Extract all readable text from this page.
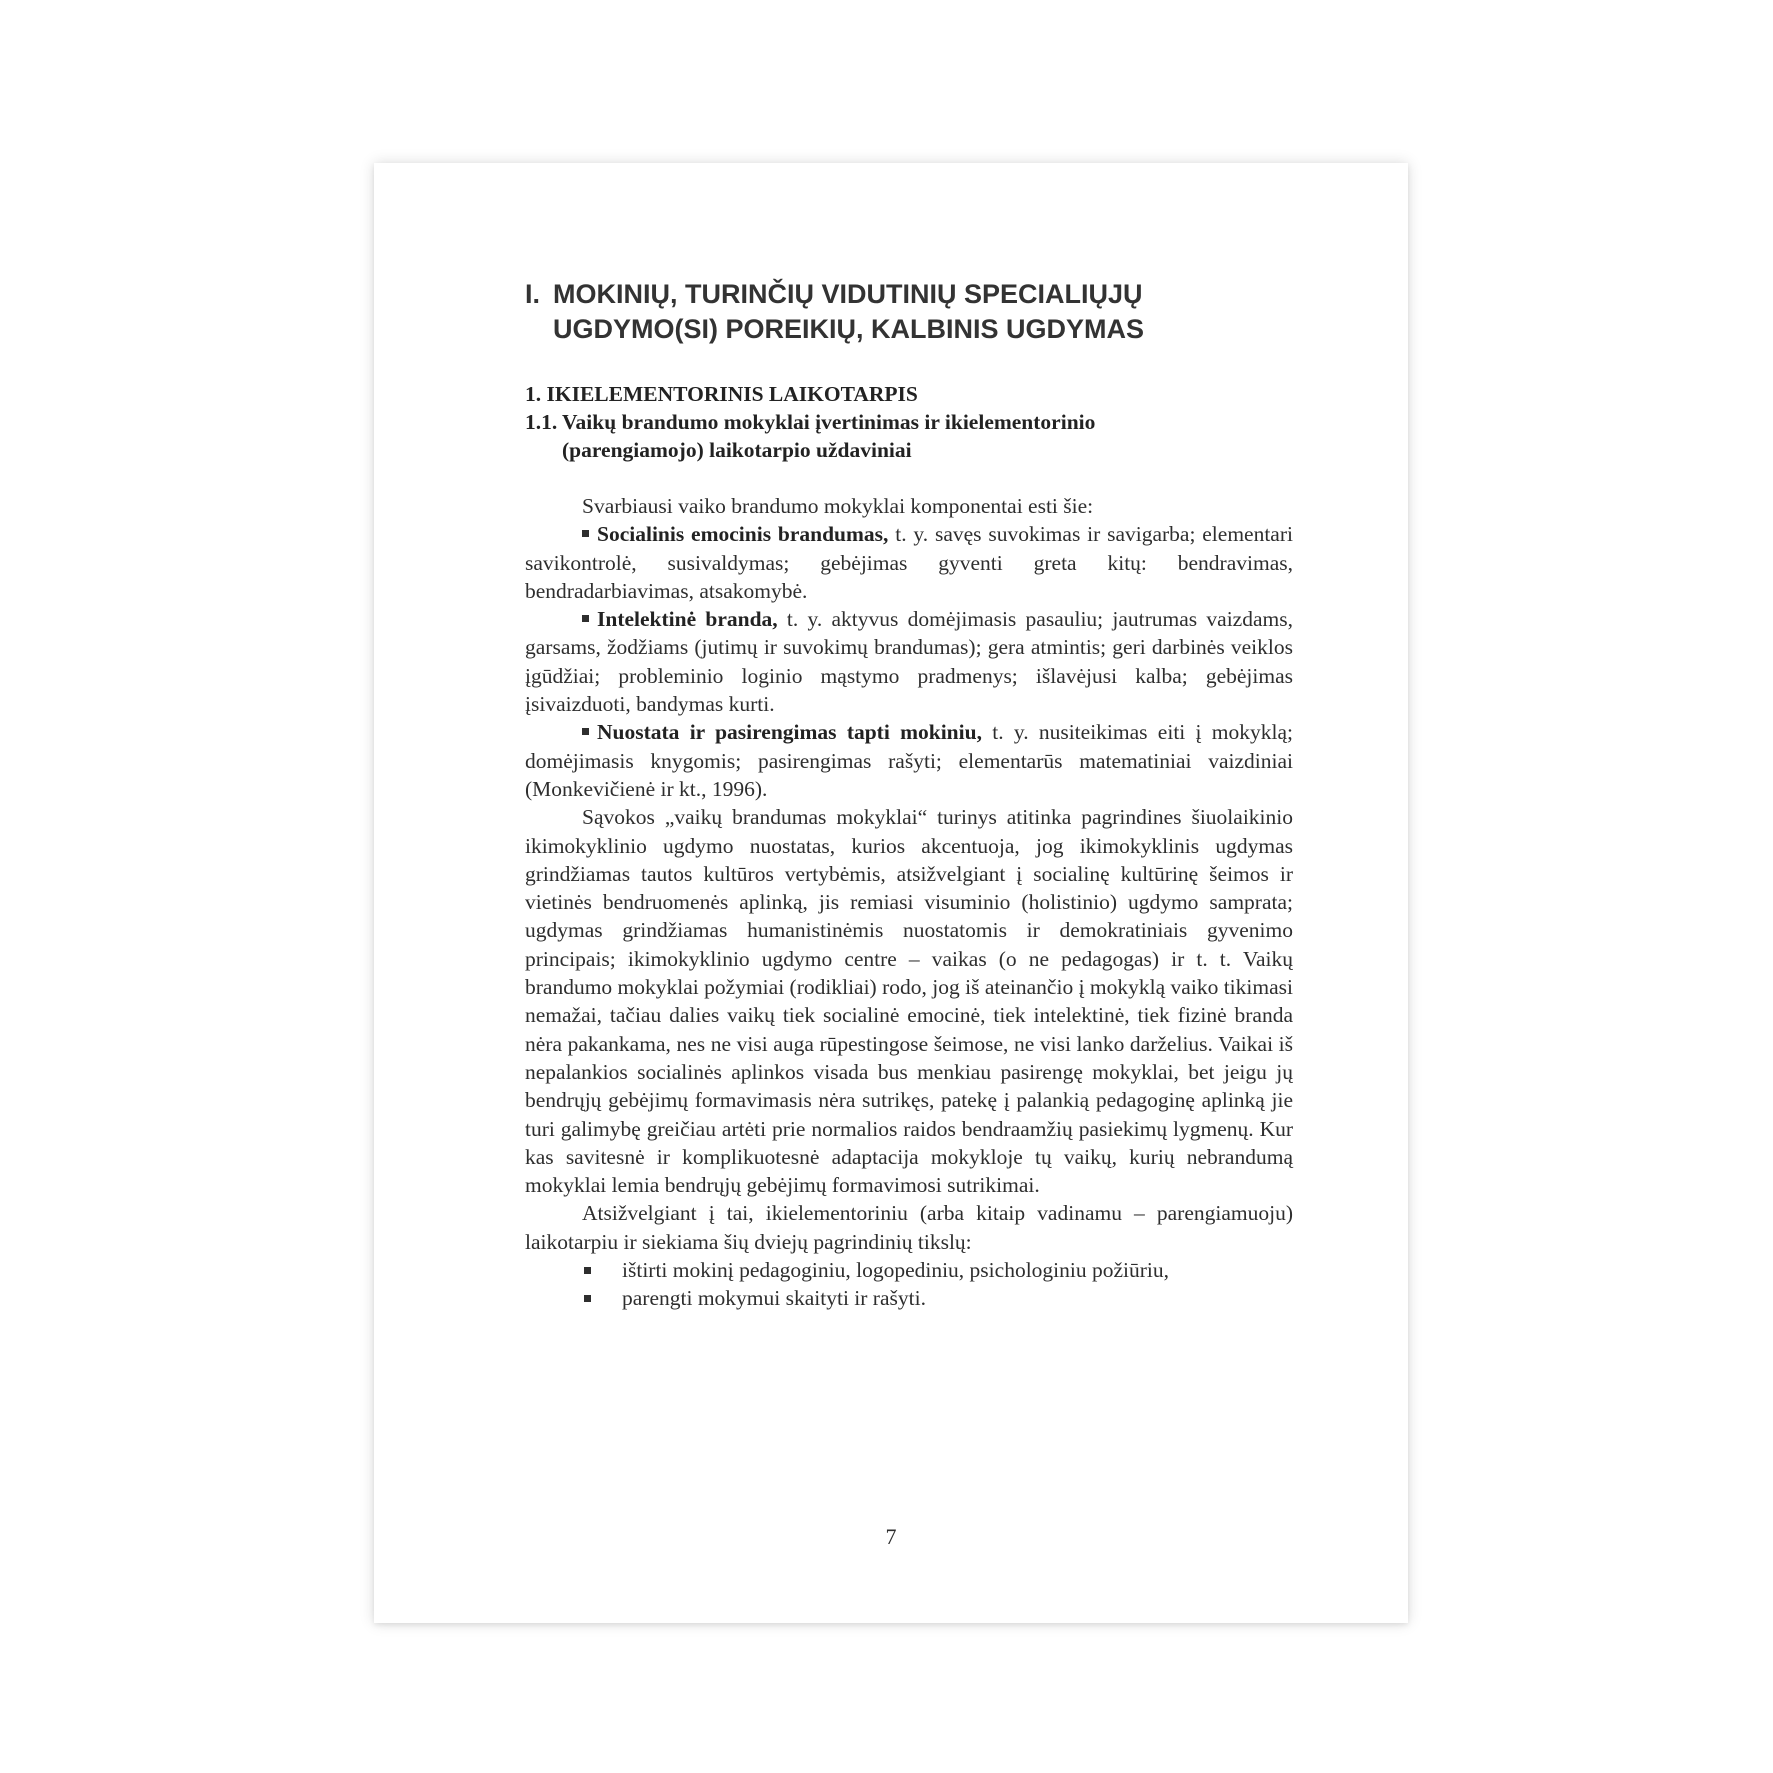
I. MOKINIŲ, TURINČIŲ VIDUTINIŲ SPECIALIŲJŲ
UGDYMO(SI) POREIKIŲ, KALBINIS UGDYMAS
1. IKIELEMENTORINIS LAIKOTARPIS
1.1. Vaikų brandumo mokyklai įvertinimas ir ikielementorinio
(parengiamojo) laikotarpio uždaviniai

Svarbiausi vaiko brandumo mokyklai komponentai esti šie:

Socialinis emocinis brandumas, t. y. savęs suvokimas ir savigarba; elementari savikontrolė, susivaldymas; gebėjimas gyventi greta kitų: bendravimas, bendradarbiavimas, atsakomybė.

Intelektinė branda, t. y. aktyvus domėjimasis pasauliu; jautrumas vaizdams, garsams, žodžiams (jutimų ir suvokimų brandumas); gera atmintis; geri darbinės veiklos įgūdžiai; probleminio loginio mąstymo pradmenys; išlavėjusi kalba; gebėjimas įsivaizduoti, bandymas kurti.

Nuostata ir pasirengimas tapti mokiniu, t. y. nusiteikimas eiti į mokyklą; domėjimasis knygomis; pasirengimas rašyti; elementarūs matematiniai vaizdiniai (Monkevičienė ir kt., 1996).

Sąvokos „vaikų brandumas mokyklai“ turinys atitinka pagrindines šiuolaikinio ikimokyklinio ugdymo nuostatas, kurios akcentuoja, jog ikimokyklinis ugdymas grindžiamas tautos kultūros vertybėmis, atsižvelgiant į socialinę kultūrinę šeimos ir vietinės bendruomenės aplinką, jis remiasi visuminio (holistinio) ugdymo samprata; ugdymas grindžiamas humanistinėmis nuostatomis ir demokratiniais gyvenimo principais; ikimokyklinio ugdymo centre – vaikas (o ne pedagogas) ir t. t. Vaikų brandumo mokyklai požymiai (rodikliai) rodo, jog iš ateinančio į mokyklą vaiko tikimasi nemažai, tačiau dalies vaikų tiek socialinė emocinė, tiek intelektinė, tiek fizinė branda nėra pakankama, nes ne visi auga rūpestingose šeimose, ne visi lanko darželius. Vaikai iš nepalankios socialinės aplinkos visada bus menkiau pasirengę mokyklai, bet jeigu jų bendrųjų gebėjimų formavimasis nėra sutrikęs, patekę į palankią pedagoginę aplinką jie turi galimybę greičiau artėti prie normalios raidos bendraamžių pasiekimų lygmenų. Kur kas savitesnė ir komplikuotesnė adaptacija mokykloje tų vaikų, kurių nebrandumą mokyklai lemia bendrųjų gebėjimų formavimosi sutrikimai.

Atsižvelgiant į tai, ikielementoriniu (arba kitaip vadinamu – parengiamuoju) laikotarpiu ir siekiama šių dviejų pagrindinių tikslų:

ištirti mokinį pedagoginiu, logopediniu, psichologiniu požiūriu,
parengti mokymui skaityti ir rašyti.
7
